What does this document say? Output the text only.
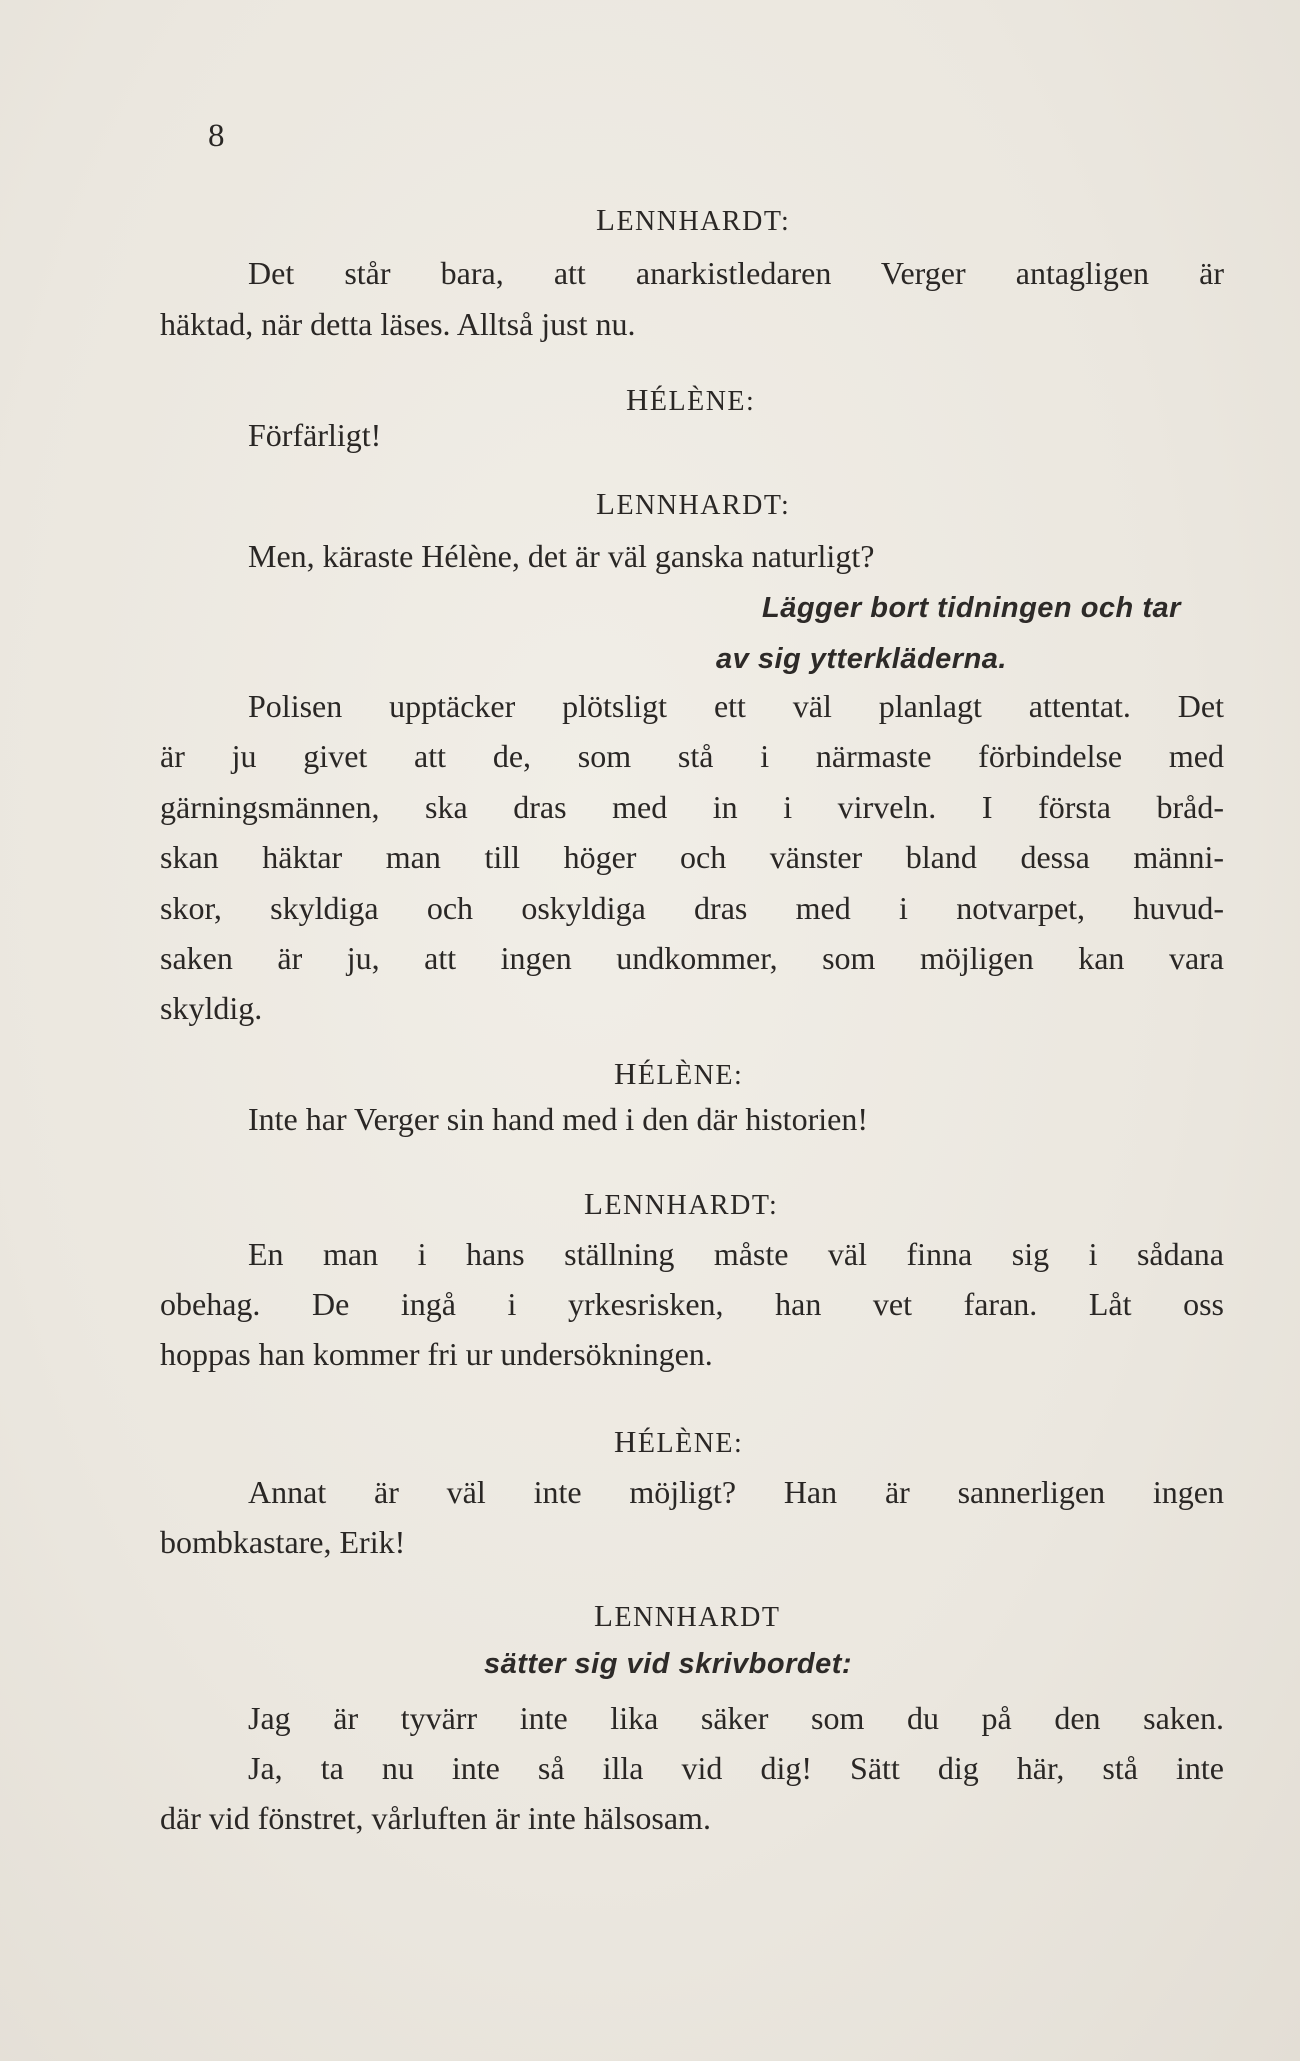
8
LENNHARDT:
Det står bara, att anarkistledaren Verger antagligen är
häktad, när detta läses. Alltså just nu.
HÉLÈNE:
Förfärligt!
LENNHARDT:
Men, käraste Hélène, det är väl ganska naturligt?
Lägger bort tidningen och tar
av sig ytterkläderna.
Polisen upptäcker plötsligt ett väl planlagt attentat. Det
är ju givet att de, som stå i närmaste förbindelse med
gärningsmännen, ska dras med in i virveln. I första bråd-
skan häktar man till höger och vänster bland dessa männi-
skor, skyldiga och oskyldiga dras med i notvarpet, huvud-
saken är ju, att ingen undkommer, som möjligen kan vara
skyldig.
HÉLÈNE:
Inte har Verger sin hand med i den där historien!
LENNHARDT:
En man i hans ställning måste väl finna sig i sådana
obehag. De ingå i yrkesrisken, han vet faran. Låt oss
hoppas han kommer fri ur undersökningen.
HÉLÈNE:
Annat är väl inte möjligt? Han är sannerligen ingen
bombkastare, Erik!
LENNHARDT
sätter sig vid skrivbordet:
Jag är tyvärr inte lika säker som du på den saken.
Ja, ta nu inte så illa vid dig! Sätt dig här, stå inte
där vid fönstret, vårluften är inte hälsosam.
